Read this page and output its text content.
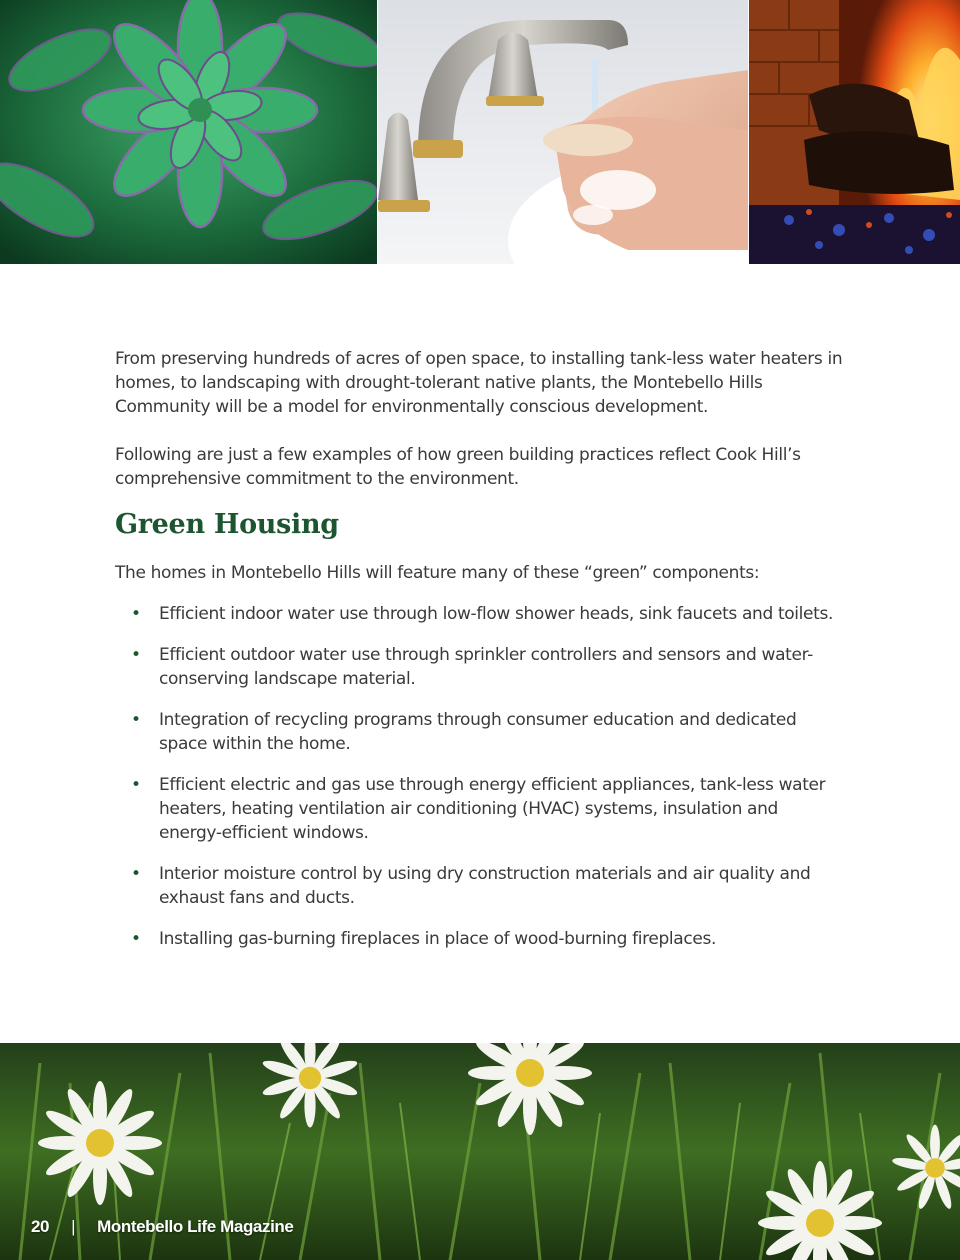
From preserving hundreds of acres of open space, to installing tank-less water heaters in homes, to landscaping with drought-tolerant native plants, the Montebello Hills Community will be a model for environmentally conscious development.

Following are just a few examples of how green building practices reflect Cook Hill’s comprehensive commitment to the environment.

Green Housing

The homes in Montebello Hills will feature many of these “green” components:

• Efficient indoor water use through low-flow shower heads, sink faucets and toilets.
• Efficient outdoor water use through sprinkler controllers and sensors and water-conserving landscape material.
• Integration of recycling programs through consumer education and dedicated space within the home.
• Efficient electric and gas use through energy efficient appliances, tank-less water heaters, heating ventilation air conditioning (HVAC) systems, insulation and energy-efficient windows.
• Interior moisture control by using dry construction materials and air quality and exhaust fans and ducts.
• Installing gas-burning fireplaces in place of wood-burning fireplaces.
20 | Montebello Life Magazine
